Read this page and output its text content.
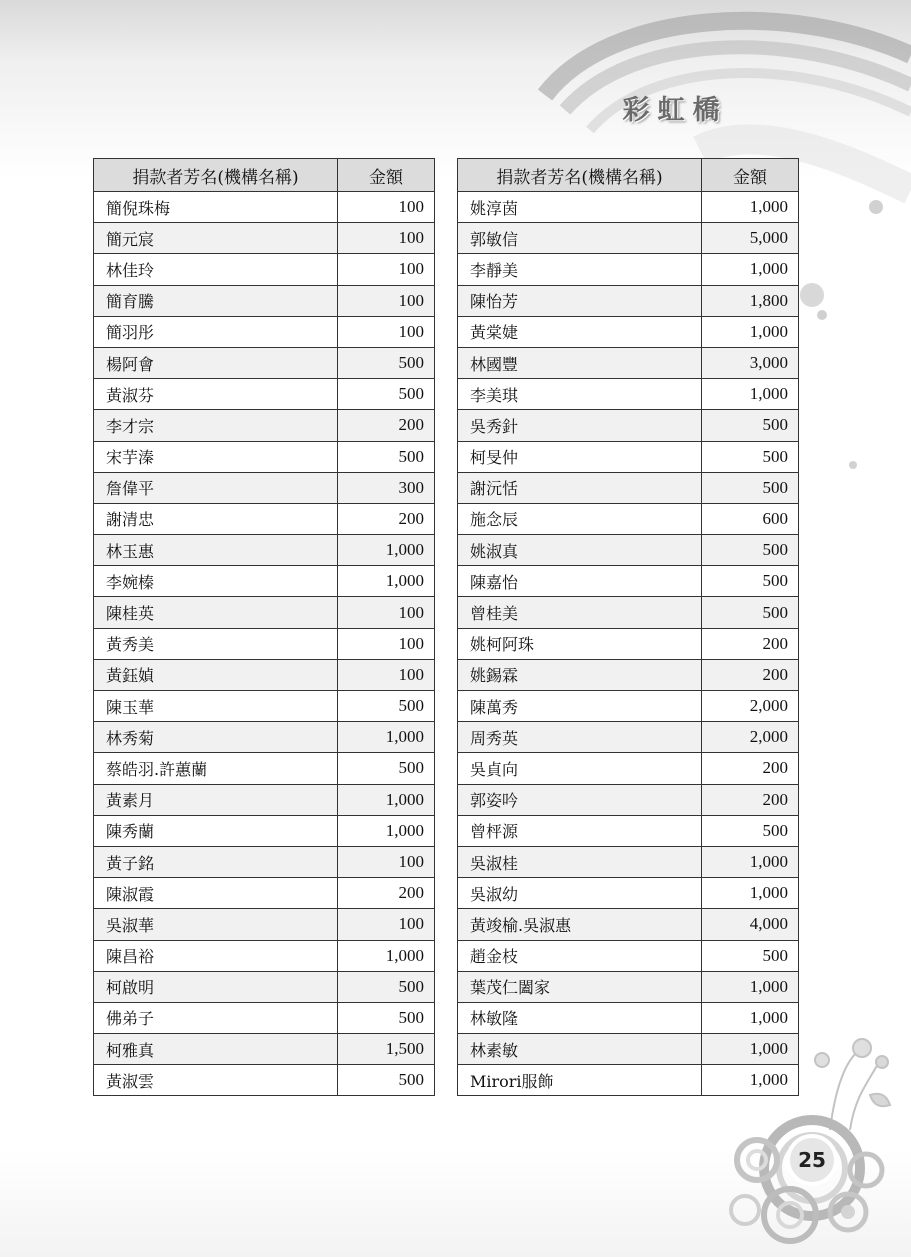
彩虹橋
捐款者芳名(機構名稱)	金額
簡倪珠梅	100
簡元宸	100
林佳玲	100
簡育騰	100
簡羽彤	100
楊阿會	500
黃淑芬	500
李才宗	200
宋芋溱	500
詹偉平	300
謝清忠	200
林玉惠	1,000
李婉榛	1,000
陳桂英	100
黃秀美	100
黃鈺媜	100
陳玉華	500
林秀菊	1,000
蔡皓羽.許蕙蘭	500
黃素月	1,000
陳秀蘭	1,000
黃子銘	100
陳淑霞	200
吳淑華	100
陳昌裕	1,000
柯啟明	500
佛弟子	500
柯雅真	1,500
黃淑雲	500
捐款者芳名(機構名稱)	金額
姚淳茵	1,000
郭敏信	5,000
李靜美	1,000
陳怡芳	1,800
黃棠婕	1,000
林國豐	3,000
李美琪	1,000
吳秀針	500
柯旻仲	500
謝沅恬	500
施念辰	600
姚淑真	500
陳嘉怡	500
曾桂美	500
姚柯阿珠	200
姚錫霖	200
陳萬秀	2,000
周秀英	2,000
吳貞向	200
郭姿吟	200
曾枰源	500
吳淑桂	1,000
吳淑幼	1,000
黃竣榆.吳淑惠	4,000
趙金枝	500
葉茂仁闔家	1,000
林敏隆	1,000
林素敏	1,000
Mirori服飾	1,000
25
